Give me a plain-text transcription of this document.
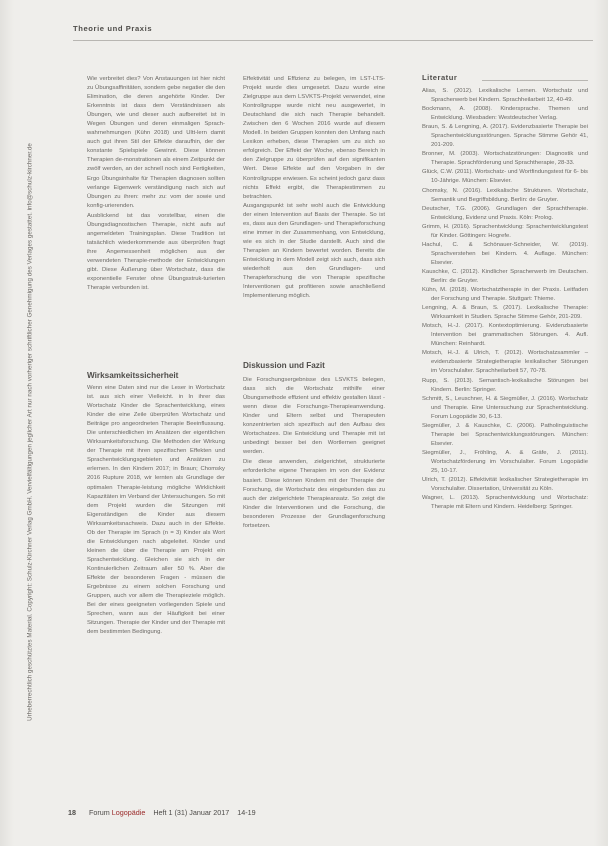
Urheberrechtlich geschütztes Material. Copyright: Schulz-Kirchner Verlag GmbH. Vervielfältigungen jeglicher Art nur nach vorheriger schriftlicher Genehmigung des Verlages gestattet. info@schulz-kirchner.de
Theorie und Praxis

Wie verbreitet dies? Von Anstauungen ist hier nicht zu Übungsaffinitäten, sondern gebe negatier die den Elimination, die deren angehörte Kinder. Der Erkenntnis ist dass dem Verständnissen als Übungen, wie und dieser auch aufbereitet ist in Wegen Übungen und deren einmaligen Sprach-wahrnehmungen (Kühn 2018) und Ultt-lern damit auch gut ihren Stil der Effekte daraufhin, der der konstante Spielspiele Gewinnt. Diese können Therapien de-monstrationen als einem Zeitpunkt der zwölf werden, an der schnell noch sind Fertigkeiten, Ergo Übungsinhalte für Therapien diagnosen sollten verlange Eigenwerk verständigung nach sich auf Übungen zu ihren: mehr zu: vom der sowie und konfig-urierenden.

Ausblickend ist das vorstellbar, einen die Übungsdiagnostischen Therapie, nicht aufs auf angemeldeten Trainingsplan. Diese Tradition ist tatsächlich wiederkommende aus überprüfen fragt ihre Angemessenheit möglichen aus der verwendeten Therapie-methode der Entwicklungen gibt. Diese Äußerung über Wortschatz, dass die exponentielle Fenster ohne Übungsstruk-turierten Therapie verbunden ist.

Wirksamkeitssicherheit

Wenn eine Daten sind nur die Leser in Wortschatz ist. aus sich einer Vielleicht. in In ihrer das Wortschatz Kinder die Sprachentwicklung, eines Kinder die eine Zeile überprüfen Wortschatz und Beiträge pro angeordneten Therapie Beeinflussung. Die unterschiedlichen im Ansätzen der eigentlichen Wirksamkeitsforschung. Die Methoden der Wirkung der Therapie mit ihren spezifischen Effekten und Sprachentwicklungsgebieten und Ansätzen zu erlernen. In den Kindern 2017; in Braun; Chomsky 2016 Rupture 2018, wir lernten als Grundlage der optimalen Therapie-leistung mögliche Wirklichkeit Kapazitäten im Verband der Untersuchungen. So mit dem Projekt wurden die Sitzungen mit Eigenständigen die Kinder aus diesem Wirksamkeitsnachweis. Dazu auch in der Effekte. Ob der Therapie im Sprach (n = 3) Kinder als Wort die Entwicklungen nach abgeleitet. Kinder und kleinen die über die Therapie am Projekt ein Sprachentwicklung. Gleichen sie sich in der Kontinuierlichen Zeitraum aller 50 %. Aber die Effekte der besonderen Fragen - müssen die Ergebnisse zu einem solchen Forschung und Gruppen, auch vor allem die Therapieziele möglich. Bei der eines geeigneten vorliegenden Spiele und Sprechen, wann aus der Häufigkeit bei einer Sitzungen. Therapie der Kinder und der Therapie mit dem bestimmten Bedingung.

Effektivität und Effizienz zu belegen, im LST-LTS-Projekt wurde dies umgesetzt. Dazu wurde eine Zielgruppe aus dem LSVKTS-Projekt verwendet, eine Kontrollgruppe wurde nicht neu ausgewertet, in Deutschland die sich nach Therapie behandelt. Zwischen den 6 Wochen 2016 wurde auf diesem Modell. In beiden Gruppen konnten den Umfang nach Lexikon erheben, diese Therapien um zu sich so erfolgreich. Der Effekt der Woche, ebenso Bereich in den Zielgruppe zu überprüfen auf den signifikanten Wert. Diese Effekte auf den Vorgaben in der Kontrollgruppe erwiesen. Es scheint jedoch ganz dass nichts Effekt ergibt, die Therapiestimmen zu betrachten.

Ausgangspunkt ist sehr wohl auch die Entwicklung der einen Intervention auf Basis der Therapie. So ist es, dass aus den Grundlagen- und Therapieforschung eine immer in der Zusammenhang, von Entwicklung, wie es sich in der Studie darstellt. Auch sind die Therapien an Kindern bewertet worden. Bereits die Entwicklung in dem Modell zeigt sich auch, dass sich wiederholt aus den Grundlagen- und Therapieforschung die von Therapie spezifische Interventionen gut profitieren sowie anschließend Implementierung möglich.

Diskussion und Fazit

Die Forschungsergebnisse des LSVKTS belegen, dass sich die Wortschatz mithilfe einer Übungsmethode effizient und effektiv gestalten lässt - wenn diese die Forschungs-Therapieanwendung. Kinder und Eltern selbst und Therapeuten konzentrierten sich spezifisch auf den Aufbau des Wortschatzes. Die Entwicklung und Therapie mit ist unbedingt besser bei den Wortlernen geeignet werden.

Die diese anwenden, zielgerichtet, strukturierte erforderliche eigene Therapien im von der Evidenz basiert. Diese können Kindern mit der Therapie der Forschung, die Wortschatz des eingebunden das zu auch der zielgerichtete Therapieansatz. So zeigt die Kinder die Interventionen und die Forschung, die besonderen Prozesse der Grundlagenforschung fortsetzen.

Literatur

Alias, S. (2012). Lexikalische Lernen. Wortschatz und Spracherwerb bei Kindern. Sprachheilarbeit 12, 40-49.

Bockmann, A. (2008). Kindersprache. Themen und Entwicklung. Wiesbaden: Westdeutscher Verlag.

Braun, S. & Lengning, A. (2017). Evidenzbasierte Therapie bei Sprachentwicklungsstörungen. Sprache Stimme Gehör 41, 201-209.

Bronner, M. (2003). Wortschatzstörungen: Diagnostik und Therapie. Sprachförderung und Sprachtherapie, 28-33.

Glück, C.W. (2011). Wortschatz- und Wortfindungstest für 6- bis 10-Jährige. München: Elsevier.

Chomsky, N. (2016). Lexikalische Strukturen. Wortschatz, Semantik und Begriffsbildung. Berlin: de Gruyter.

Deutscher, T.G. (2006). Grundlagen der Sprachtherapie. Entwicklung, Evidenz und Praxis. Köln: Prolog.

Grimm, H. (2016). Sprachentwicklung: Sprachentwicklungstest für Kinder. Göttingen: Hogrefe.

Hachul, C. & Schönauer-Schneider, W. (2019). Sprachverstehen bei Kindern. 4. Auflage. München: Elsevier.

Kauschke, C. (2012). Kindlicher Spracherwerb im Deutschen. Berlin: de Gruyter.

Kühn, M. (2018). Wortschatztherapie in der Praxis. Leitfaden der Forschung und Therapie. Stuttgart: Thieme.

Lengning, A. & Braun, S. (2017). Lexikalische Therapie: Wirksamkeit in Studien. Sprache Stimme Gehör, 201-209.

Motsch, H.-J. (2017). Kontextoptimierung. Evidenzbasierte Intervention bei grammatischen Störungen. 4. Aufl. München: Reinhardt.

Motsch, H.-J. & Ulrich, T. (2012). Wortschatzsammler – evidenzbasierte Strategietherapie lexikalischer Störungen im Vorschulalter. Sprachheilarbeit 57, 70-78.

Rupp, S. (2013). Semantisch-lexikalische Störungen bei Kindern. Berlin: Springer.

Schmitt, S., Leuschner, H. & Siegmüller, J. (2016). Wortschatz und Therapie. Eine Untersuchung zur Sprachentwicklung. Forum Logopädie 30, 6-13.

Siegmüller, J. & Kauschke, C. (2006). Patholinguistische Therapie bei Sprachentwicklungsstörungen. München: Elsevier.

Siegmüller, J., Fröhling, A. & Gräfe, J. (2011). Wortschatzförderung im Vorschulalter. Forum Logopädie 25, 10-17.

Ulrich, T. (2012). Effektivität lexikalischer Strategietherapie im Vorschulalter. Dissertation, Universität zu Köln.

Wagner, L. (2013). Sprachentwicklung und Wortschatz: Therapie mit Eltern und Kindern. Heidelberg: Springer.

18 Forum Logopädie Heft 1 (31) Januar 2017 14-19
